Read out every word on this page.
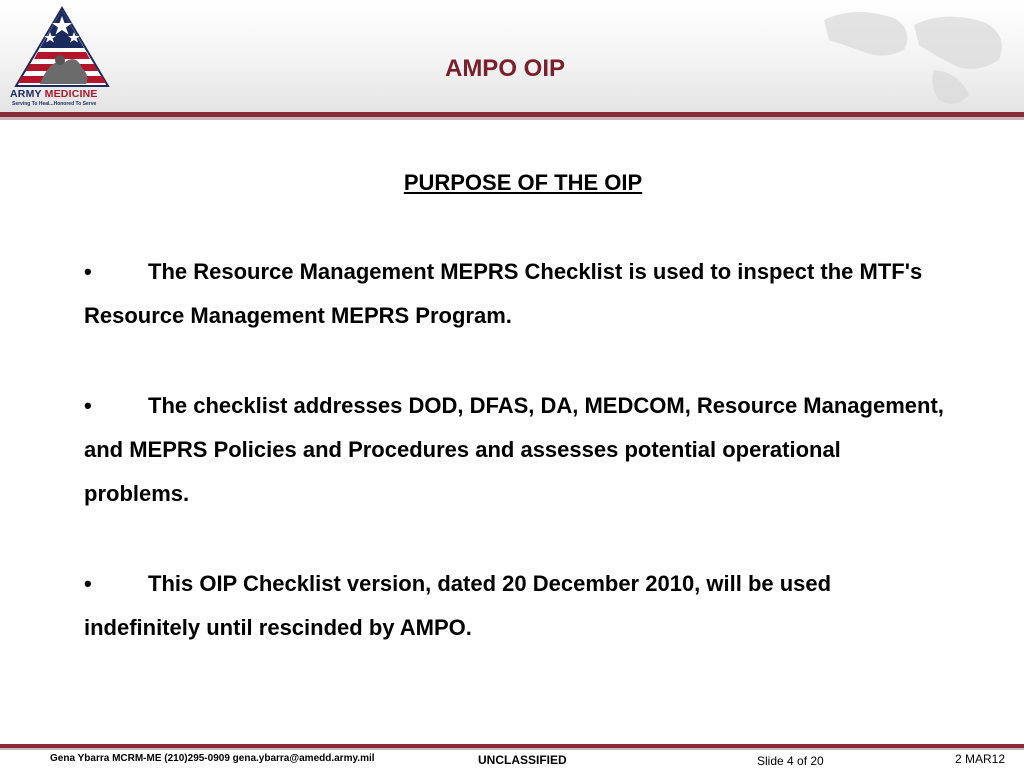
ARMY MEDICINE
Serving To Heal...Honored To Serve
AMPO OIP
PURPOSE OF THE OIP
•	The Resource Management MEPRS Checklist is used to inspect the MTF's Resource Management MEPRS Program.
•	The checklist addresses DOD, DFAS, DA, MEDCOM, Resource Management, and MEPRS Policies and Procedures and assesses potential operational problems.
•	This OIP Checklist version, dated 20 December 2010, will be used indefinitely until rescinded by AMPO.
Gena Ybarra MCRM-ME (210)295-0909 gena.ybarra@amedd.army.mil	UNCLASSIFIED	Slide 4 of 20	2 MAR12
